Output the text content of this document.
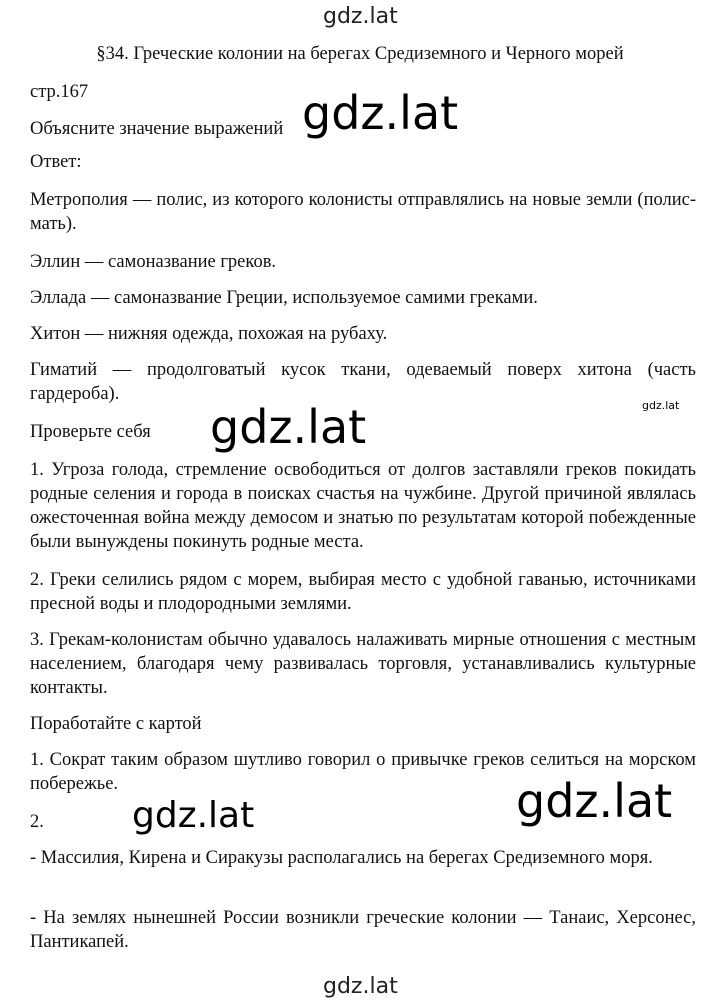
gdz.lat
gdz.lat
gdz.lat	gdz.lat
gdz.lat	gdz.lat
gdz.lat
§34. Греческие колонии на берегах Средиземного и Черного морей
стр.167
Объясните значение выражений
Ответ:
Метрополия — полис, из которого колонисты отправлялись на новые земли (полис-мать).
Эллин — самоназвание греков.
Эллада — самоназвание Греции, используемое самими греками.
Хитон — нижняя одежда, похожая на рубаху.
Гиматий — продолговатый кусок ткани, одеваемый поверх хитона (часть гардероба).
Проверьте себя
1. Угроза голода, стремление освободиться от долгов заставляли греков покидать родные селения и города в поисках счастья на чужбине. Другой причиной являлась ожесточенная война между демосом и знатью по результатам которой побежденные были вынуждены покинуть родные места.
2. Греки селились рядом с морем, выбирая место с удобной гаванью, источниками пресной воды и плодородными землями.
3. Грекам-колонистам обычно удавалось налаживать мирные отношения с местным населением, благодаря чему развивалась торговля, устанавливались культурные контакты.
Поработайте с картой
1. Сократ таким образом шутливо говорил о привычке греков селиться на морском побережье.
2.
- Массилия, Кирена и Сиракузы располагались на берегах Средиземного моря.
- На землях нынешней России возникли греческие колонии — Танаис, Херсонес, Пантикапей.
